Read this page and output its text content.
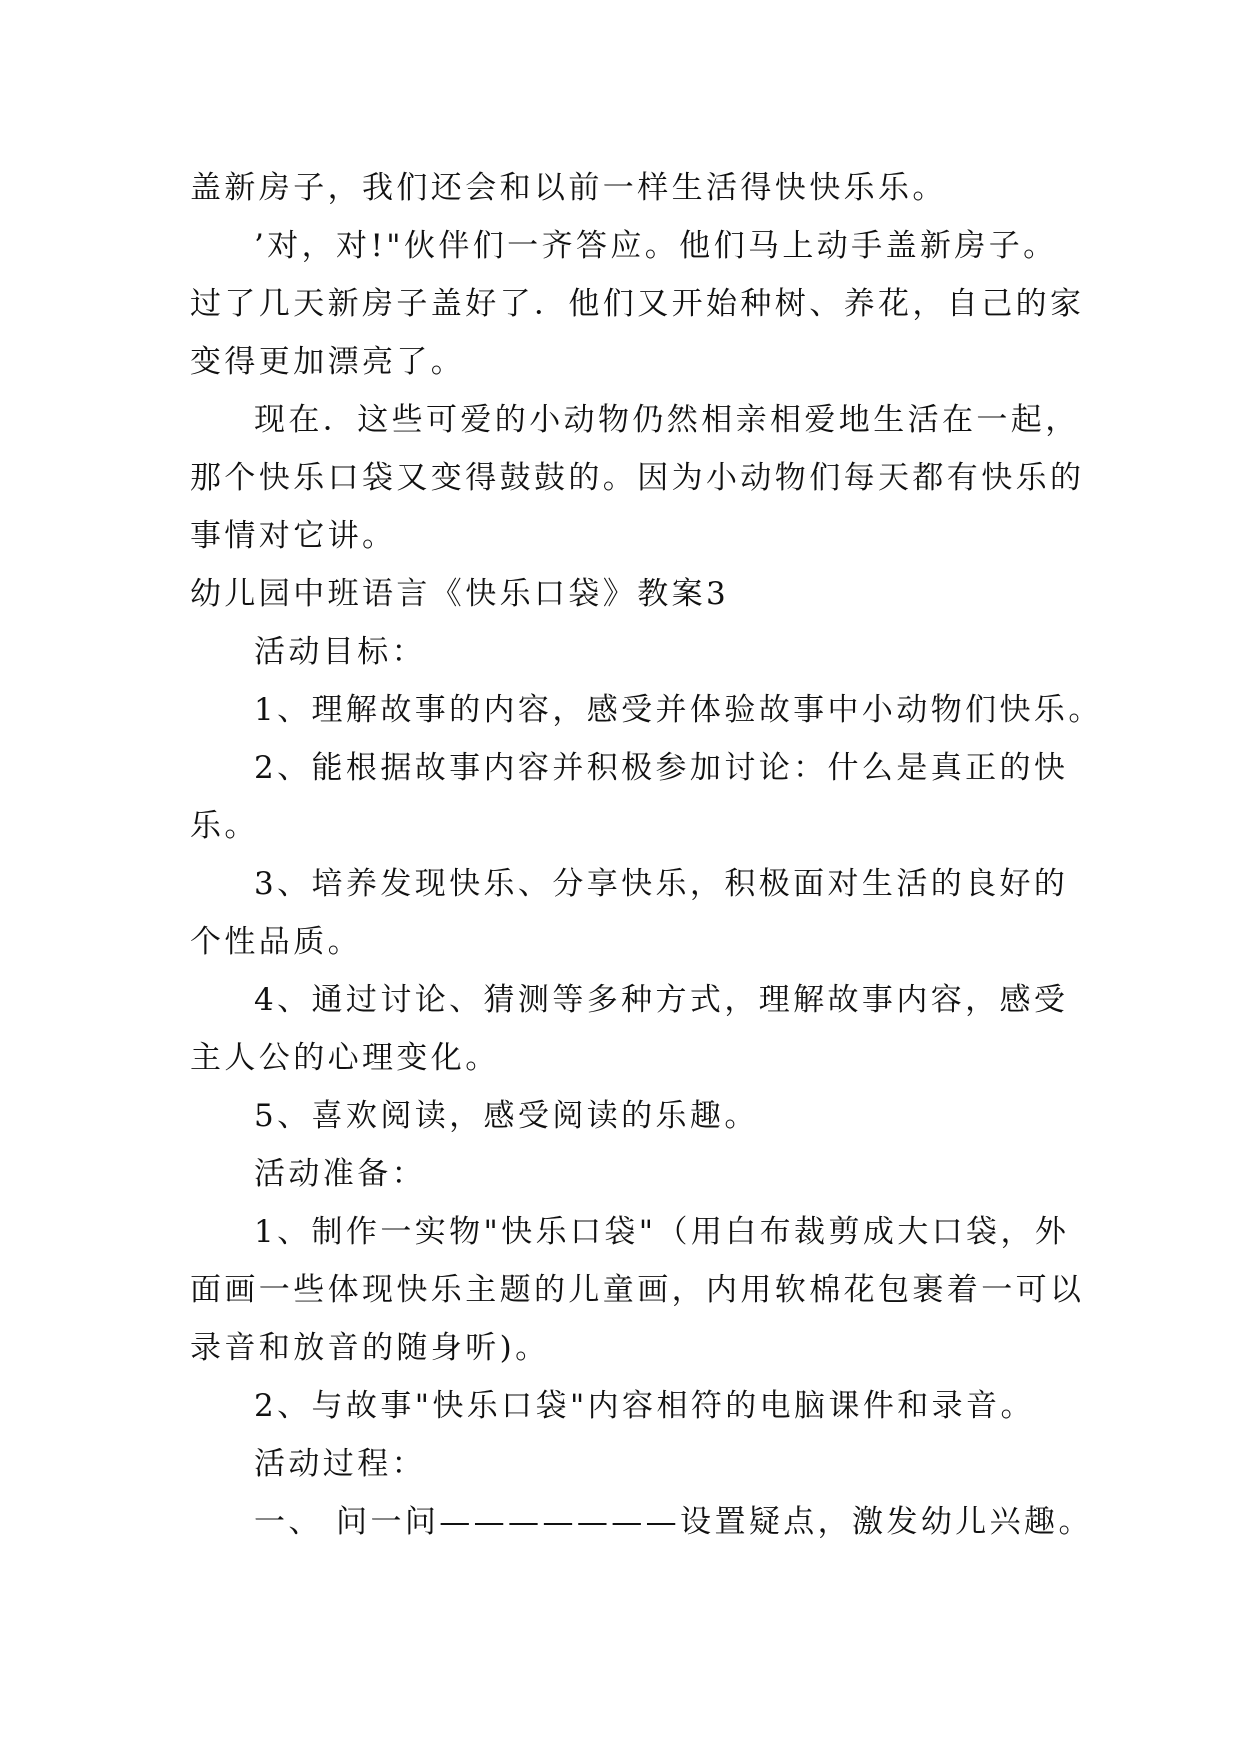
盖新房子，我们还会和以前一样生活得快快乐乐。
’对，对!"伙伴们一齐答应。他们马上动手盖新房子。
过了几天新房子盖好了．他们又开始种树、养花，自己的家
变得更加漂亮了。
现在．这些可爱的小动物仍然相亲相爱地生活在一起，
那个快乐口袋又变得鼓鼓的。因为小动物们每天都有快乐的
事情对它讲。
幼儿园中班语言《快乐口袋》教案3
活动目标：
1、理解故事的内容，感受并体验故事中小动物们快乐。
2、能根据故事内容并积极参加讨论：什么是真正的快
乐。
3、培养发现快乐、分享快乐，积极面对生活的良好的
个性品质。
4、通过讨论、猜测等多种方式，理解故事内容，感受
主人公的心理变化。
5、喜欢阅读，感受阅读的乐趣。
活动准备：
1、制作一实物"快乐口袋"（用白布裁剪成大口袋，外
面画一些体现快乐主题的儿童画，内用软棉花包裹着一可以
录音和放音的随身听)。
2、与故事"快乐口袋"内容相符的电脑课件和录音。
活动过程：
一、 问一问———————设置疑点，激发幼儿兴趣。
